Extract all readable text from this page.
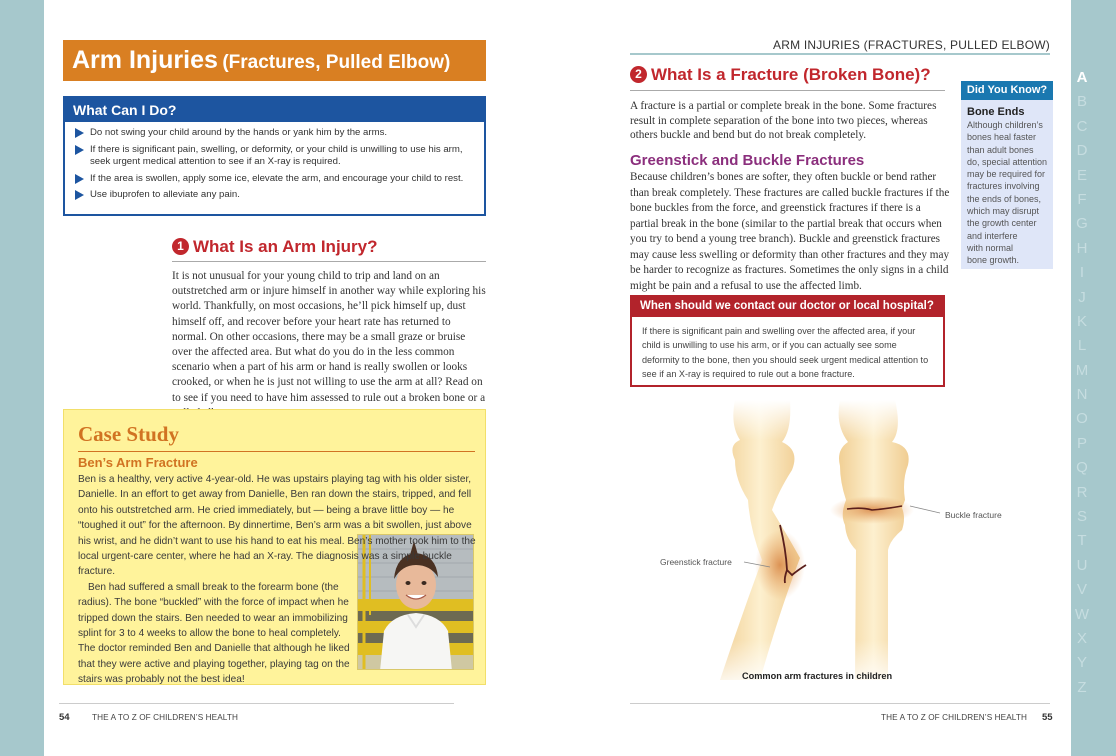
A
B
C
D
E
F
G
H
I
J
K
L
M
N
O
P
Q
R
S
T
U
V
W
X
Y
Z
Arm Injuries (Fractures, Pulled Elbow)
What Can I Do?
Do not swing your child around by the hands or yank him by the arms.
If there is significant pain, swelling, or deformity, or your child is unwilling to use his arm, seek urgent medical attention to see if an X-ray is required.
If the area is swollen, apply some ice, elevate the arm, and encourage your child to rest.
Use ibuprofen to alleviate any pain.
1 What Is an Arm Injury?
It is not unusual for your young child to trip and land on an outstretched arm or injure himself in another way while exploring his world. Thankfully, on most occasions, he’ll pick himself up, dust himself off, and recover before your heart rate has returned to normal. On other occasions, there may be a small graze or bruise over the affected area. But what do you do in the less common scenario when a part of his arm or hand is really swollen or looks crooked, or when he is just not willing to use the arm at all? Read on to see if you need to have him assessed to rule out a broken bone or a
Case Study
Ben’s Arm Fracture

Ben is a healthy, very active 4-year-old. He was upstairs playing tag with his older sister, Danielle. In an effort to get away from Danielle, Ben ran down the stairs, tripped, and fell onto his outstretched arm. He cried immediately, but — being a brave little boy — he “toughed it out” for the afternoon. By dinnertime, Ben’s arm was a bit swollen, just above his wrist, and he didn’t want to use his hand to eat his meal. Ben’s mother took him to the local urgent-care center, where he had an X-ray. The diagnosis was a simple buckle fracture.

Ben had suffered a small break to the forearm bone (the radius). The bone “buckled” with the force of impact when he tripped down the stairs. Ben needed to wear an immobilizing splint for 3 to 4 weeks to allow the bone to heal completely. The doctor reminded Ben and Danielle that although he liked that they were active and playing together, playing tag on the stairs was probably not the best idea!

54	THE A TO Z OF CHILDREN’S HEALTH
ARM INJURIES (FRACTURES, PULLED ELBOW)
2 What Is a Fracture (Broken Bone)?
A fracture is a partial or complete break in the bone. Some fractures result in complete separation of the bone into two pieces, whereas others buckle and bend but do not break completely.
Greenstick and Buckle Fractures
Because children’s bones are softer, they often buckle or bend rather than break completely. These fractures are called buckle fractures if the bone buckles from the force, and greenstick fractures if there is a partial break in the bone (similar to the partial break that occurs when you try to bend a young tree branch). Buckle and greenstick fractures may cause less swelling or deformity than other fractures and they may be harder to recognize as fractures. Sometimes the only signs in a child might be pain and a refusal to use the affected limb.
Did You Know?
Bone Ends
Although children’s
bones heal faster
than adult bones
do, special attention
may be required for
fractures involving
the ends of bones,
which may disrupt
the growth center
and interfere
with normal
bone growth.
When should we contact our doctor or local hospital?
If there is significant pain and swelling over the affected area, if your child is unwilling to use his arm, or if you can actually see some deformity to the bone, then you should seek urgent medical attention to see if an X-ray is required to rule out a bone fracture.
Greenstick fracture
Buckle fracture
Common arm fractures in children
THE A TO Z OF CHILDREN’S HEALTH 55
